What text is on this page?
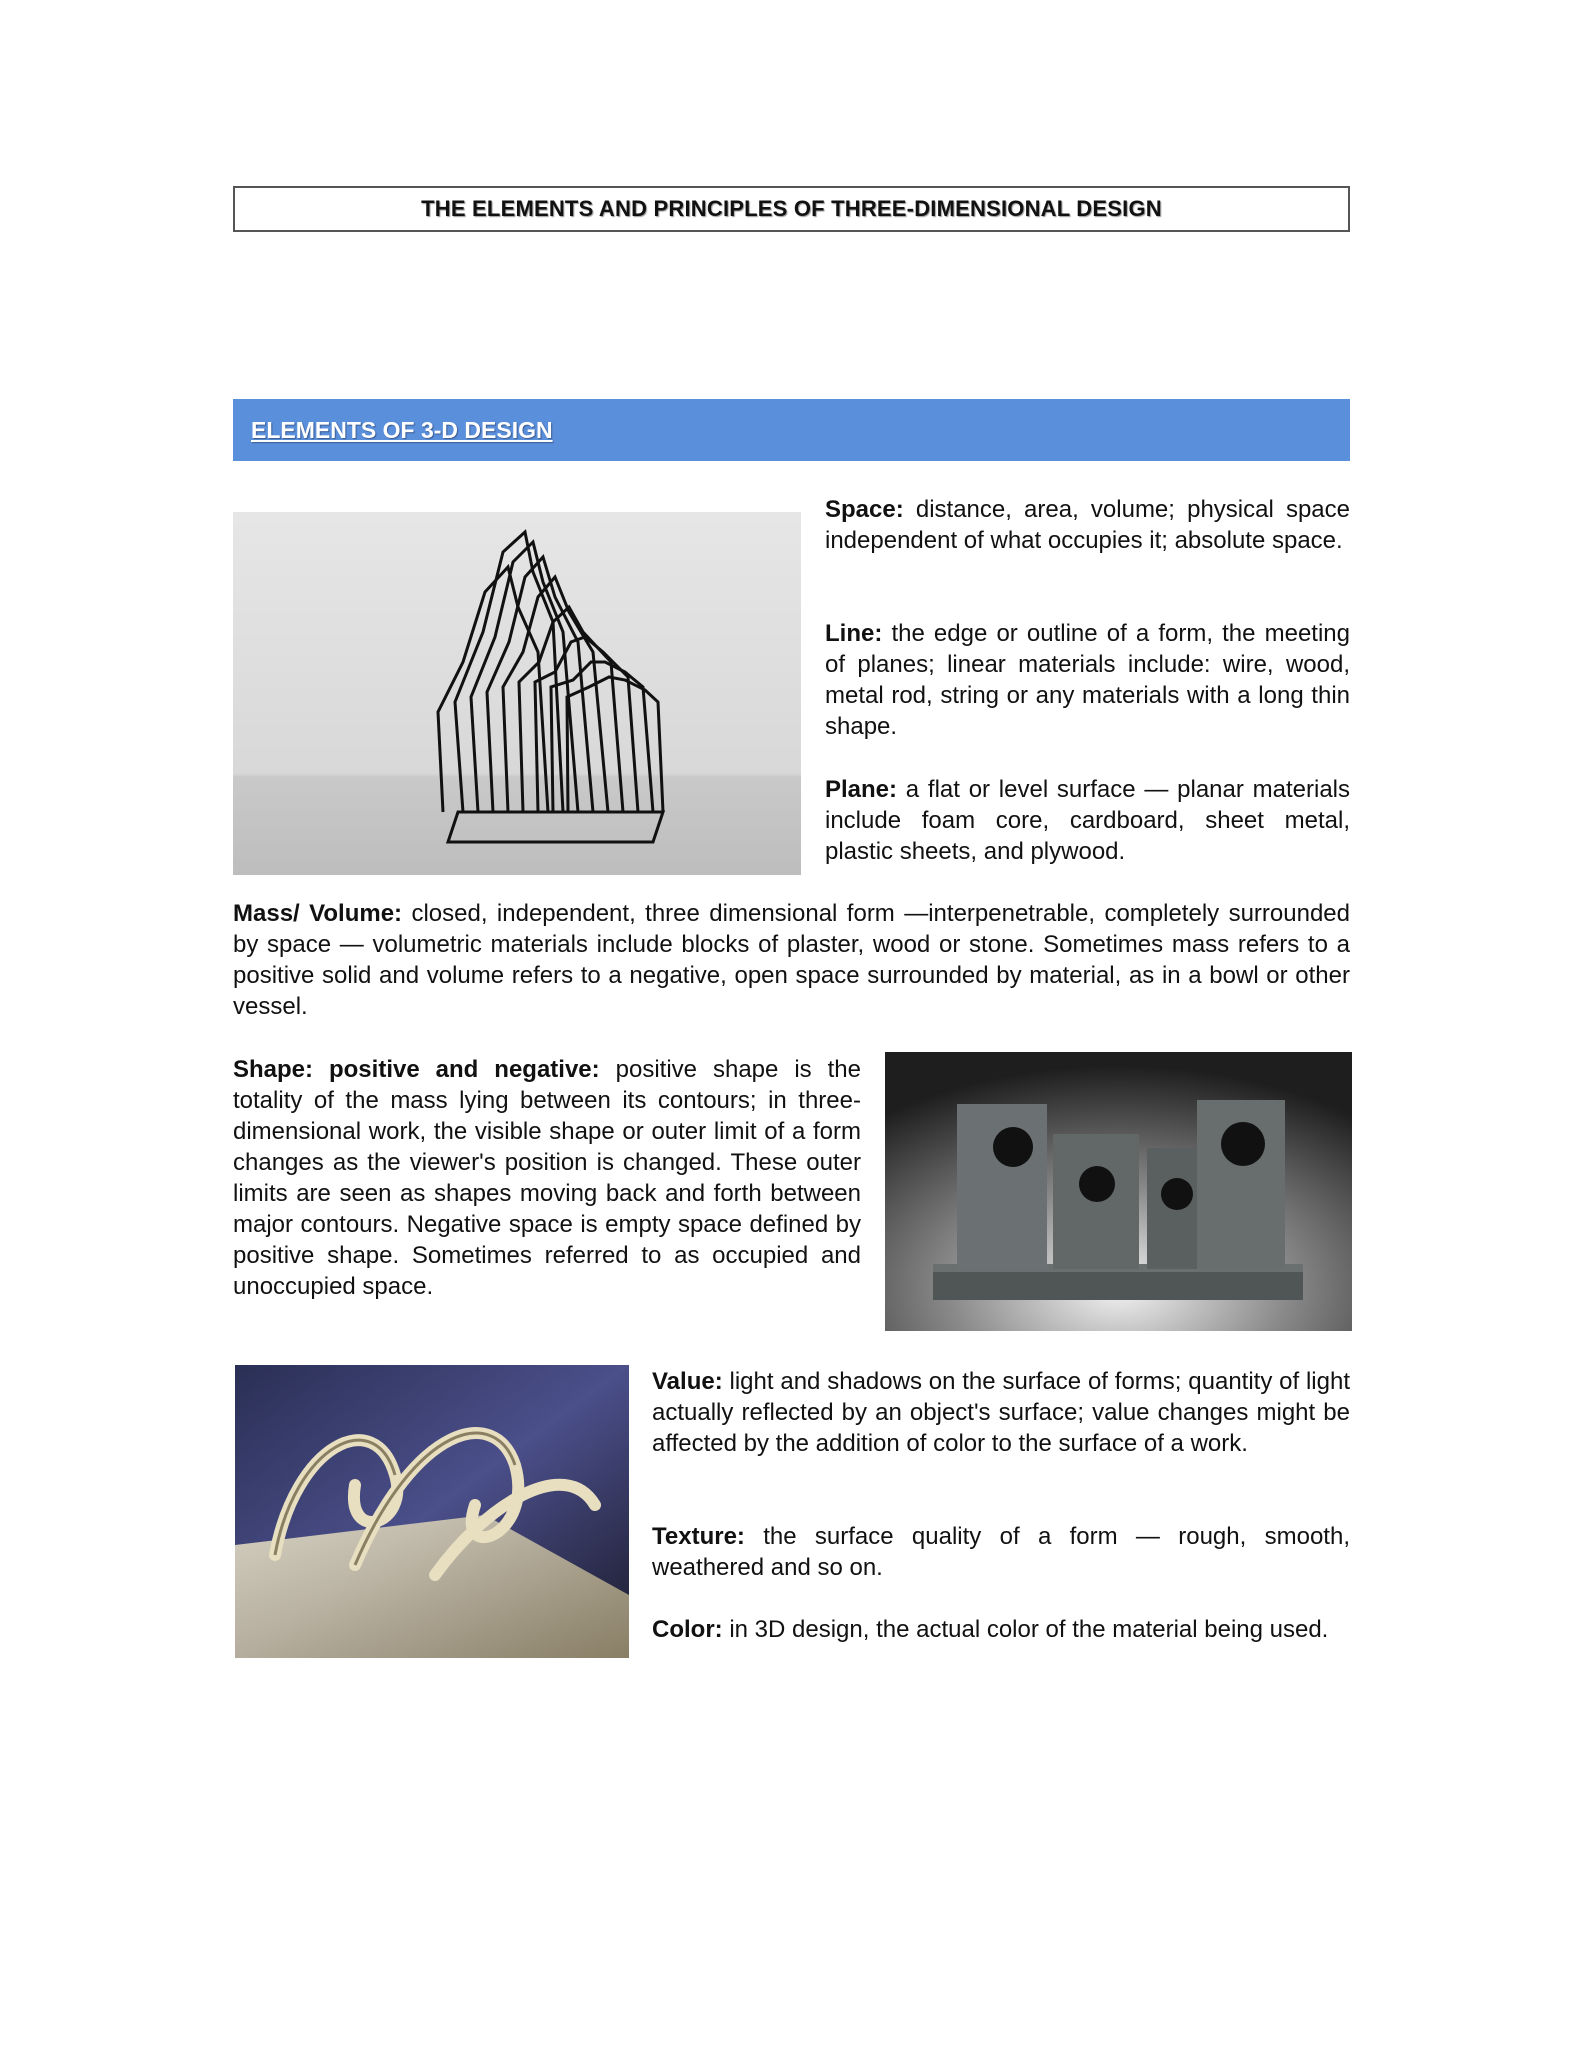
THE ELEMENTS AND PRINCIPLES OF THREE-DIMENSIONAL DESIGN
ELEMENTS OF 3-D DESIGN

Space: distance, area, volume; physical space independent of what occupies it; absolute space.

Line: the edge or outline of a form, the meeting of planes; linear materials include: wire, wood, metal rod, string or any materials with a long thin shape.

Plane: a flat or level surface — planar materials include foam core, cardboard, sheet metal, plastic sheets, and plywood.

Mass/ Volume: closed, independent, three dimensional form —interpenetrable, completely surrounded by space — volumetric materials include blocks of plaster, wood or stone. Sometimes mass refers to a positive solid and volume refers to a negative, open space surrounded by material, as in a bowl or other vessel.

Shape: positive and negative: positive shape is the totality of the mass lying between its contours; in three-dimensional work, the visible shape or outer limit of a form changes as the viewer's position is changed. These outer limits are seen as shapes moving back and forth between major contours. Negative space is empty space defined by positive shape. Sometimes referred to as occupied and unoccupied space.

Value: light and shadows on the surface of forms; quantity of light actually reflected by an object's surface; value changes might be affected by the addition of color to the surface of a work.

Texture: the surface quality of a form — rough, smooth, weathered and so on.

Color: in 3D design, the actual color of the material being used.
